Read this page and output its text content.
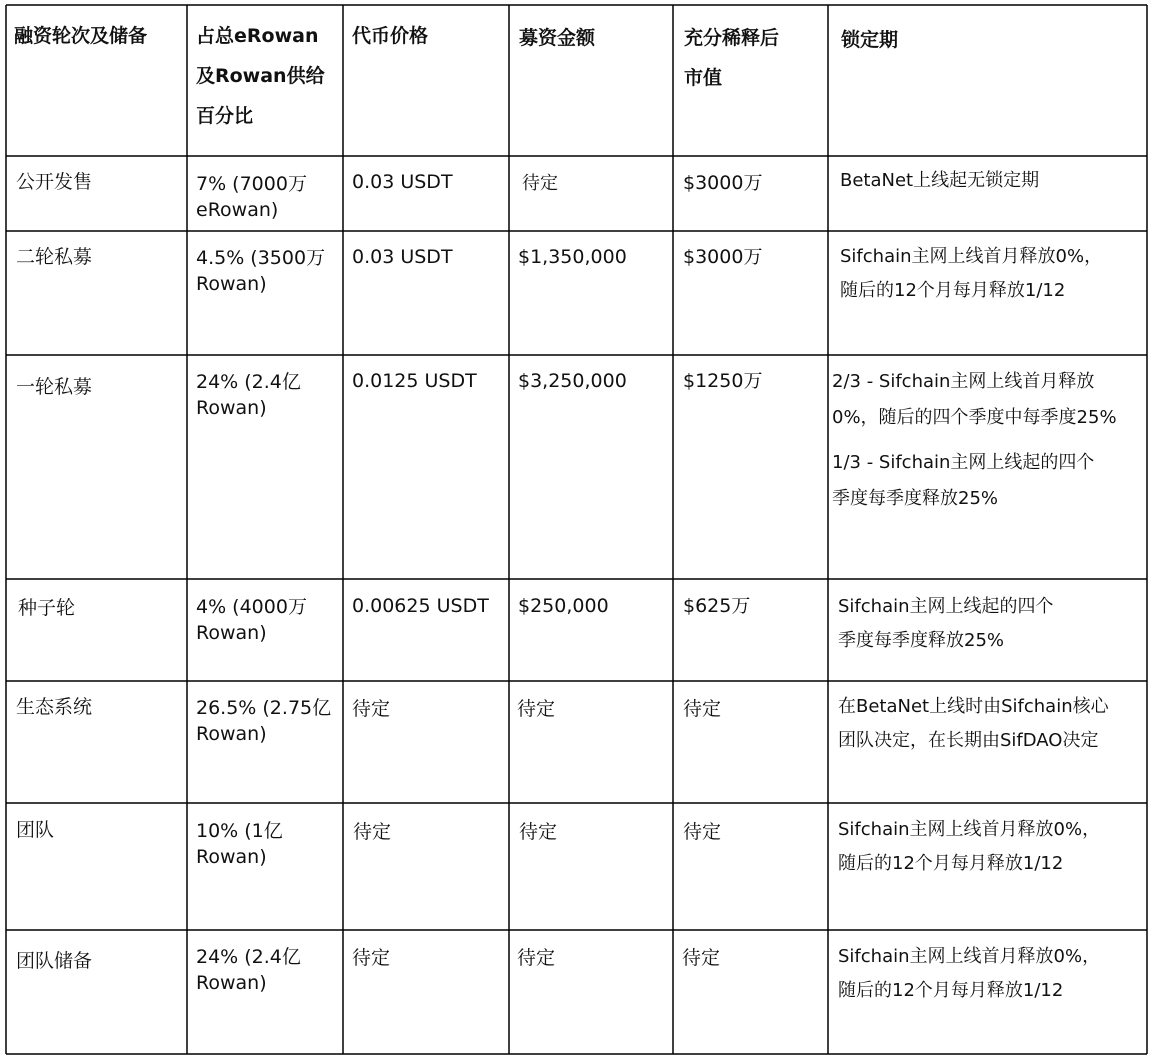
融资轮次及储备	占总eRowan
及Rowan供给
百分比
代币价格	募资金额	充分稀释后
市值
锁定期
公开发售	7% (7000万
eRowan)
0.03 USDT	待定	$3000万	BetaNet上线起无锁定期
二轮私募	4.5% (3500万
Rowan)
0.03 USDT	$1,350,000	$3000万	Sifchain主网上线首月释放0%，
随后的12个月每月释放1/12
一轮私募	24% (2.4亿
Rowan)
0.0125 USDT $3,250,000	$1250万	2/3 - Sifchain主网上线首月释放
0%，随后的四个季度中每季度25%
1/3 - Sifchain主网上线起的四个
季度每季度释放25%
种子轮	4% (4000万
Rowan)
0.00625 USDT $250,000	$625万	Sifchain主网上线起的四个
季度每季度释放25%
生态系统	26.5% (2.75亿
Rowan)
待定	待定	待定	在BetaNet上线时由Sifchain核心
团队决定，在长期由SifDAO决定
团队	10% (1亿
Rowan)
待定	待定	待定	Sifchain主网上线首月释放0%，
随后的12个月每月释放1/12
团队储备	24% (2.4亿
Rowan)
待定	待定	待定	Sifchain主网上线首月释放0%，
随后的12个月每月释放1/12
